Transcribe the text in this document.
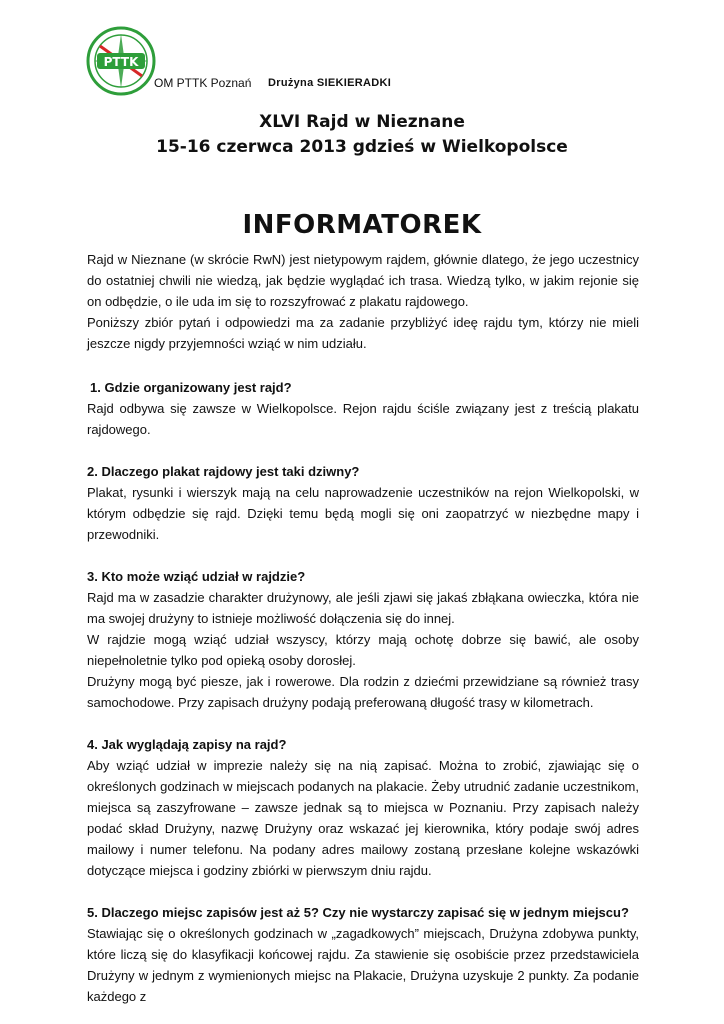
PTTK
OM PTTK Poznań Drużyna SIEKIERADKI
XLVI Rajd w Nieznane
15-16 czerwca 2013 gdzieś w Wielkopolsce
INFORMATOREK

Rajd w Nieznane (w skrócie RwN) jest nietypowym rajdem, głównie dlatego, że jego uczestnicy do ostatniej chwili nie wiedzą, jak będzie wyglądać ich trasa. Wiedzą tylko, w jakim rejonie się on odbędzie, o ile uda im się to rozszyfrować z plakatu rajdowego.

Poniższy zbiór pytań i odpowiedzi ma za zadanie przybliżyć ideę rajdu tym, którzy nie mieli jeszcze nigdy przyjemności wziąć w nim udziału.

1. Gdzie organizowany jest rajd?

Rajd odbywa się zawsze w Wielkopolsce. Rejon rajdu ściśle związany jest z treścią plakatu rajdowego.

2. Dlaczego plakat rajdowy jest taki dziwny?

Plakat, rysunki i wierszyk mają na celu naprowadzenie uczestników na rejon Wielkopolski, w którym odbędzie się rajd. Dzięki temu będą mogli się oni zaopatrzyć w niezbędne mapy i przewodniki.

3. Kto może wziąć udział w rajdzie?

Rajd ma w zasadzie charakter drużynowy, ale jeśli zjawi się jakaś zbłąkana owieczka, która nie ma swojej drużyny to istnieje możliwość dołączenia się do innej.

W rajdzie mogą wziąć udział wszyscy, którzy mają ochotę dobrze się bawić, ale osoby niepełnoletnie tylko pod opieką osoby dorosłej.

Drużyny mogą być piesze, jak i rowerowe. Dla rodzin z dziećmi przewidziane są również trasy samochodowe. Przy zapisach drużyny podają preferowaną długość trasy w kilometrach.

4. Jak wyglądają zapisy na rajd?

Aby wziąć udział w imprezie należy się na nią zapisać. Można to zrobić, zjawiając się o określonych godzinach w miejscach podanych na plakacie. Żeby utrudnić zadanie uczestnikom, miejsca są zaszyfrowane – zawsze jednak są to miejsca w Poznaniu. Przy zapisach należy podać skład Drużyny, nazwę Drużyny oraz wskazać jej kierownika, który podaje swój adres mailowy i numer telefonu. Na podany adres mailowy zostaną przesłane kolejne wskazówki dotyczące miejsca i godziny zbiórki w pierwszym dniu rajdu.

5. Dlaczego miejsc zapisów jest aż 5? Czy nie wystarczy zapisać się w jednym miejscu?

Stawiając się o określonych godzinach w „zagadkowych” miejscach, Drużyna zdobywa punkty, które liczą się do klasyfikacji końcowej rajdu. Za stawienie się osobiście przez przedstawiciela Drużyny w jednym z wymienionych miejsc na Plakacie, Drużyna uzyskuje 2 punkty. Za podanie każdego z
